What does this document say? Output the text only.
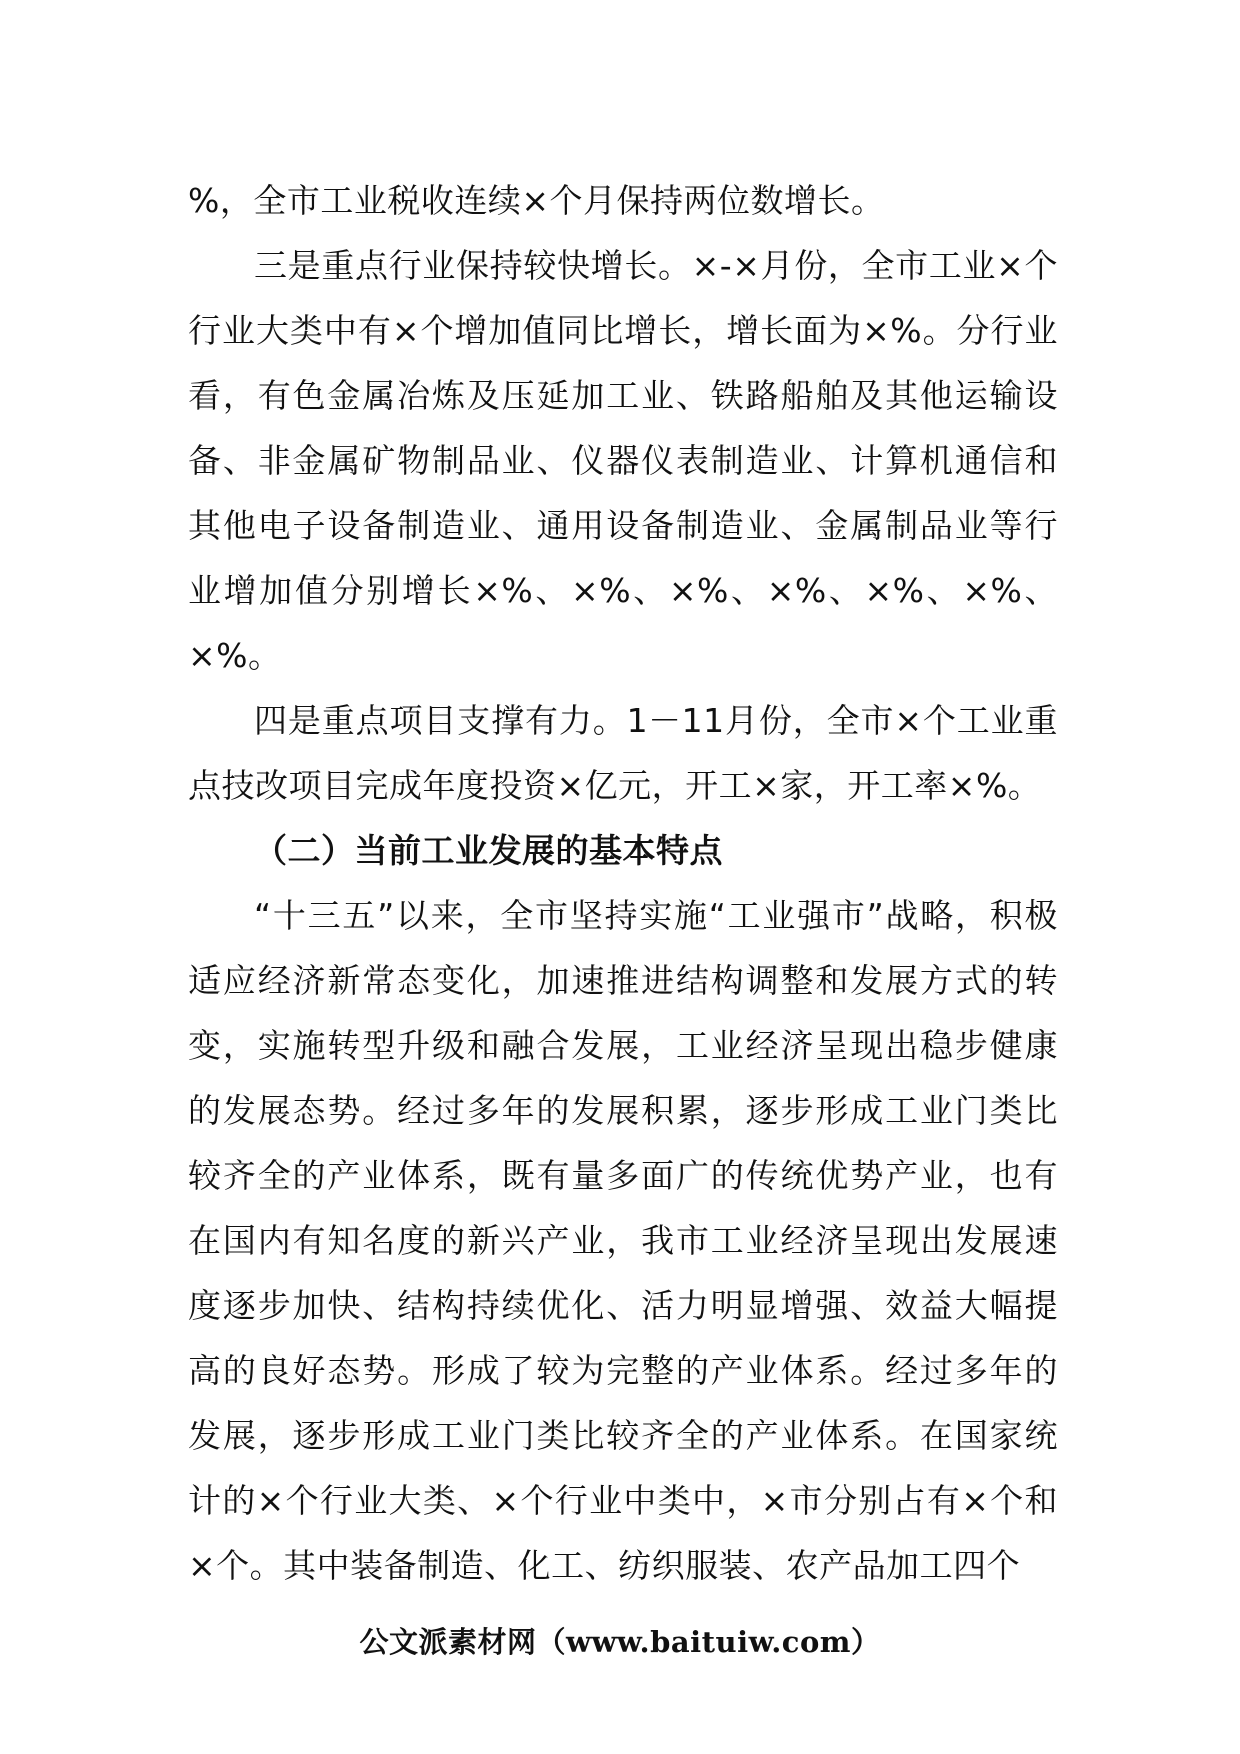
%，全市工业税收连续×个月保持两位数增长。

三是重点行业保持较快增长。×-×月份，全市工业×个行业大类中有×个增加值同比增长，增长面为×%。分行业看，有色金属冶炼及压延加工业、铁路船舶及其他运输设备、非金属矿物制品业、仪器仪表制造业、计算机通信和其他电子设备制造业、通用设备制造业、金属制品业等行业增加值分别增长×%、×%、×%、×%、×%、×%、×%。

四是重点项目支撑有力。1－11月份，全市×个工业重点技改项目完成年度投资×亿元，开工×家，开工率×%。

（二）当前工业发展的基本特点

“十三五”以来，全市坚持实施“工业强市”战略，积极适应经济新常态变化，加速推进结构调整和发展方式的转变，实施转型升级和融合发展，工业经济呈现出稳步健康的发展态势。经过多年的发展积累，逐步形成工业门类比较齐全的产业体系，既有量多面广的传统优势产业，也有在国内有知名度的新兴产业，我市工业经济呈现出发展速度逐步加快、结构持续优化、活力明显增强、效益大幅提高的良好态势。形成了较为完整的产业体系。经过多年的发展，逐步形成工业门类比较齐全的产业体系。在国家统计的×个行业大类、×个行业中类中，×市分别占有×个和×个。其中装备制造、化工、纺织服装、农产品加工四个

公文派素材网（www.baituiw.com）
